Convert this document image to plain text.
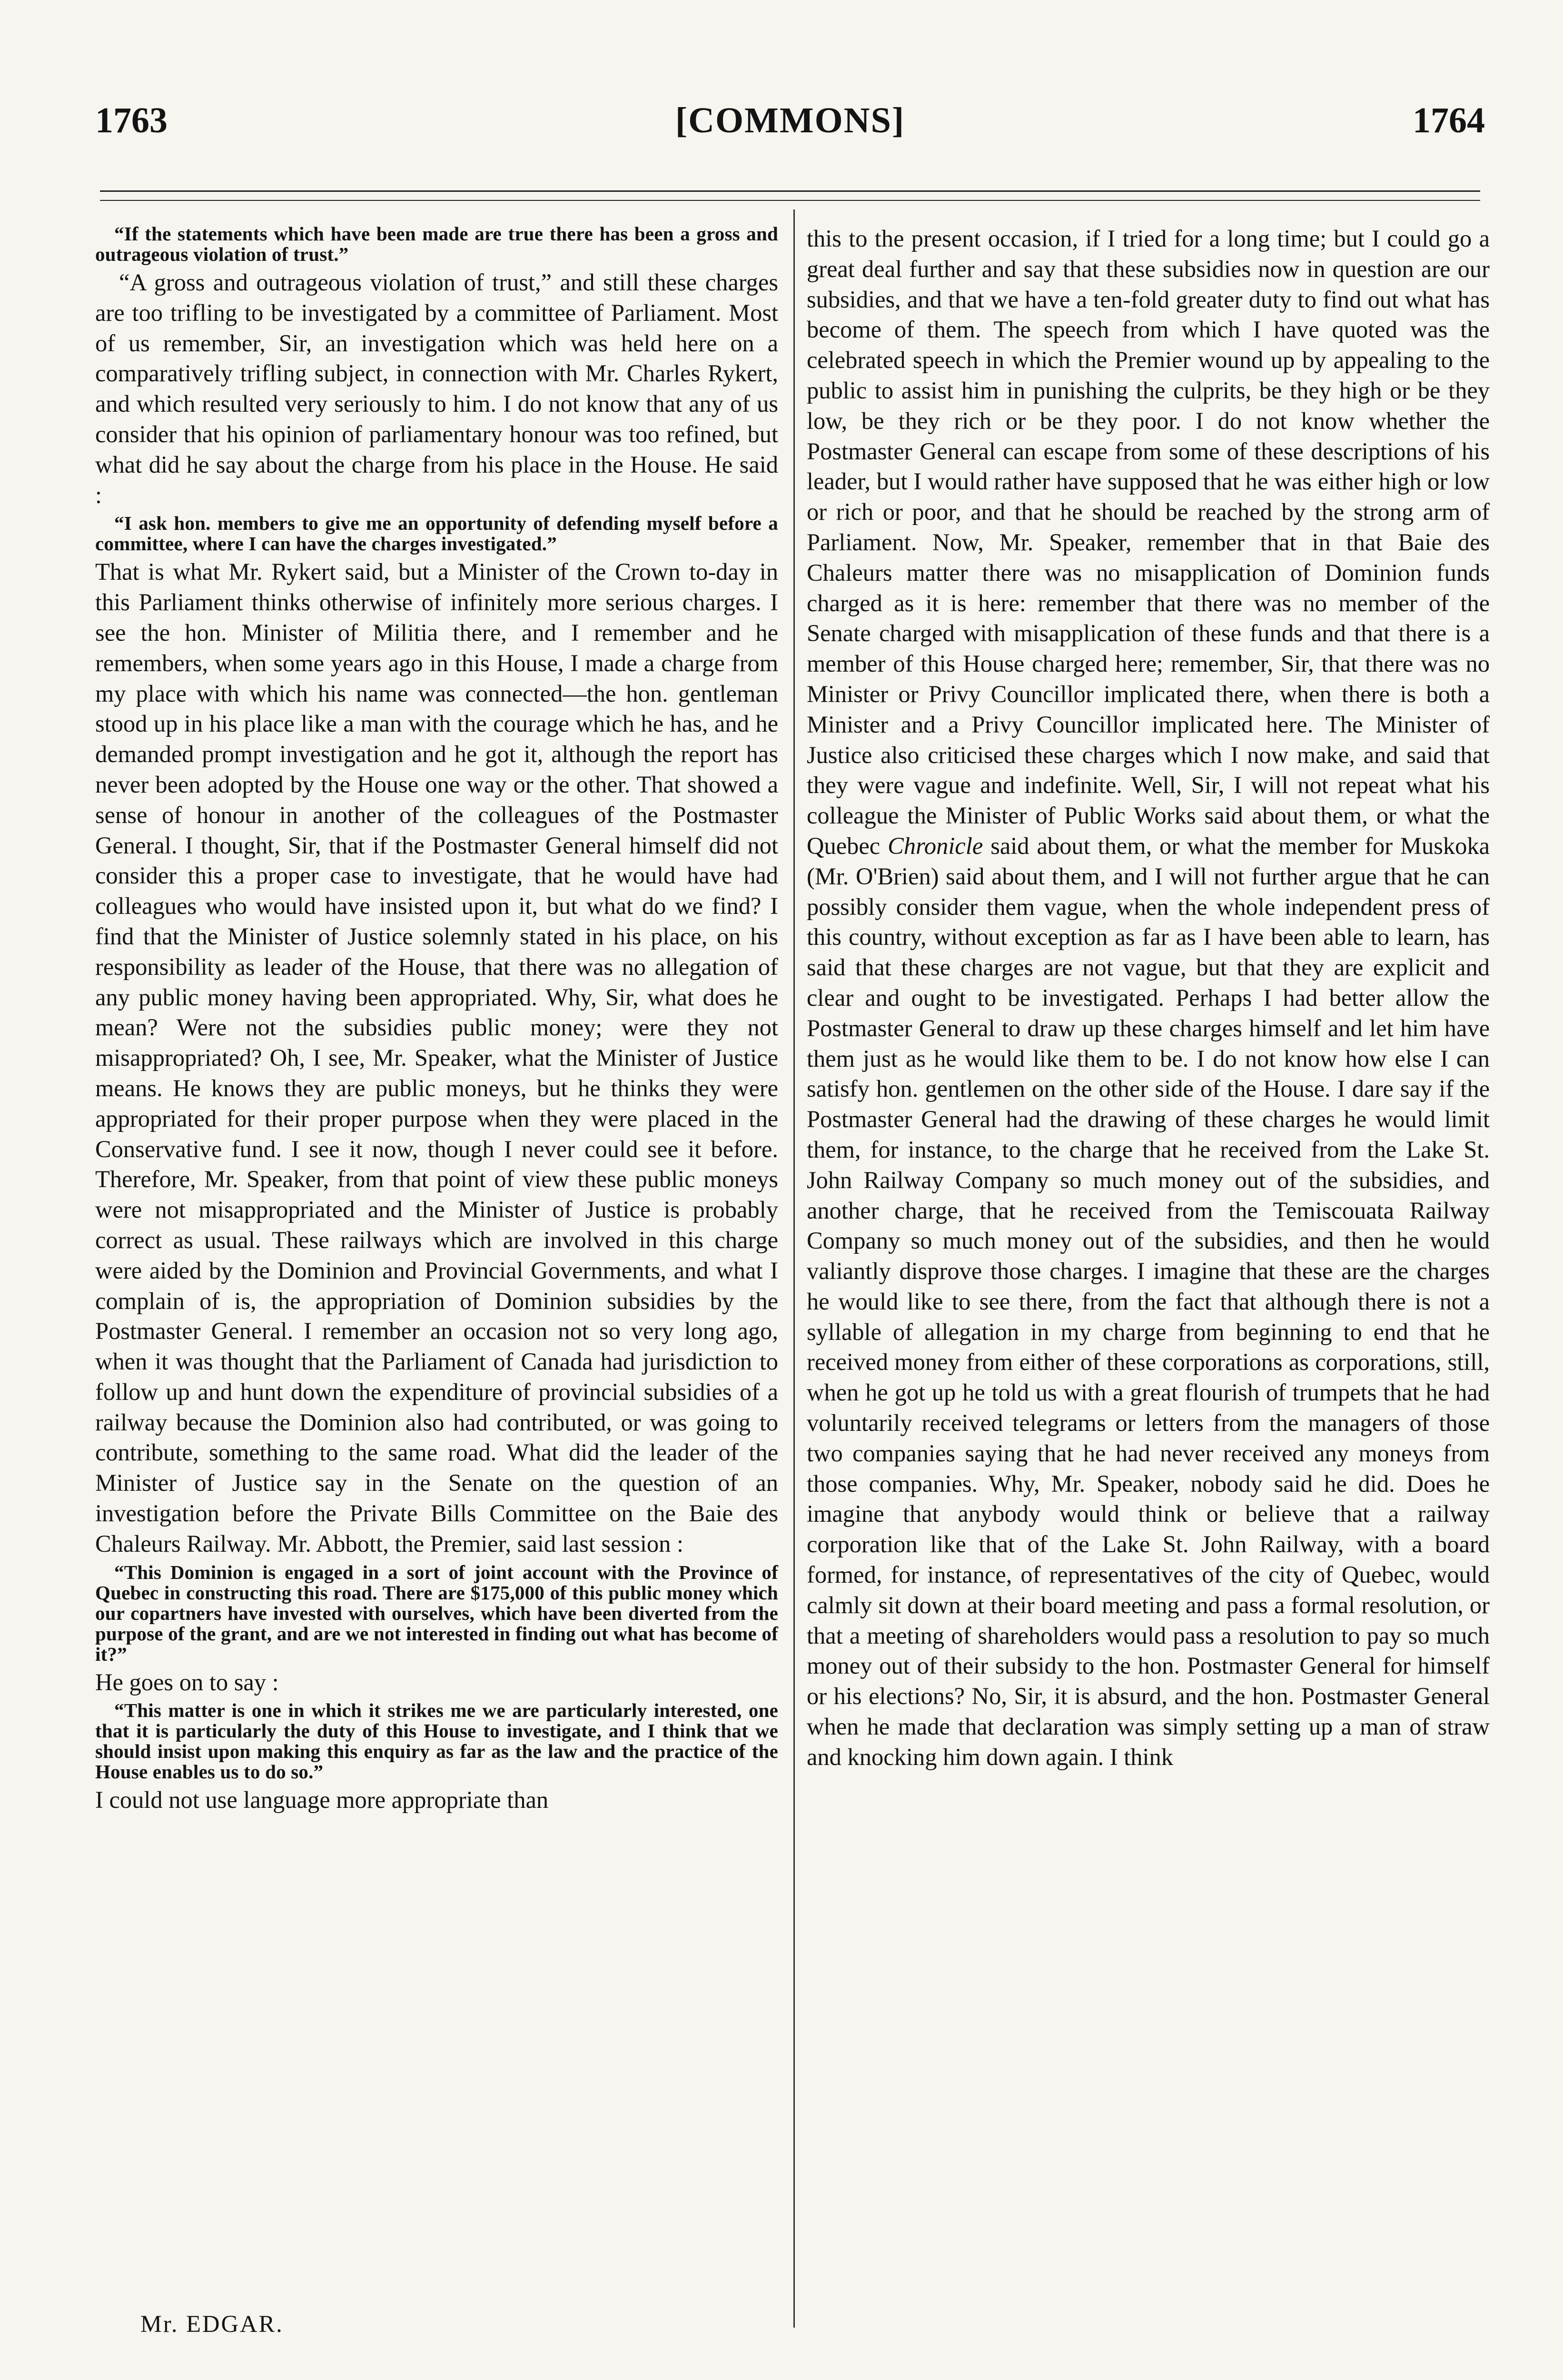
1763	[COMMONS]	1764

“If the statements which have been made are true there has been a gross and outrageous violation of trust.”

“A gross and outrageous violation of trust,” and still these charges are too trifling to be investigated by a committee of Parliament. Most of us remember, Sir, an investigation which was held here on a comparatively trifling subject, in connection with Mr. Charles Rykert, and which resulted very seriously to him. I do not know that any of us consider that his opinion of parliamentary honour was too refined, but what did he say about the charge from his place in the House. He said :

“I ask hon. members to give me an opportunity of defending myself before a committee, where I can have the charges investigated.”

That is what Mr. Rykert said, but a Minister of the Crown to-day in this Parliament thinks otherwise of infinitely more serious charges. I see the hon. Minister of Militia there, and I remember and he remembers, when some years ago in this House, I made a charge from my place with which his name was connected—the hon. gentleman stood up in his place like a man with the courage which he has, and he demanded prompt investigation and he got it, although the report has never been adopted by the House one way or the other. That showed a sense of honour in another of the colleagues of the Postmaster General. I thought, Sir, that if the Postmaster General himself did not consider this a proper case to investigate, that he would have had colleagues who would have insisted upon it, but what do we find? I find that the Minister of Justice solemnly stated in his place, on his responsibility as leader of the House, that there was no allegation of any public money having been appropriated. Why, Sir, what does he mean? Were not the subsidies public money; were they not misappropriated? Oh, I see, Mr. Speaker, what the Minister of Justice means. He knows they are public moneys, but he thinks they were appropriated for their proper purpose when they were placed in the Conservative fund. I see it now, though I never could see it before. Therefore, Mr. Speaker, from that point of view these public moneys were not misappropriated and the Minister of Justice is probably correct as usual. These railways which are involved in this charge were aided by the Dominion and Provincial Governments, and what I complain of is, the appropriation of Dominion subsidies by the Postmaster General. I remember an occasion not so very long ago, when it was thought that the Parliament of Canada had jurisdiction to follow up and hunt down the expenditure of provincial subsidies of a railway because the Dominion also had contributed, or was going to contribute, something to the same road. What did the leader of the Minister of Justice say in the Senate on the question of an investigation before the Private Bills Committee on the Baie des Chaleurs Railway. Mr. Abbott, the Premier, said last session :

“This Dominion is engaged in a sort of joint account with the Province of Quebec in constructing this road. There are $175,000 of this public money which our copartners have invested with ourselves, which have been diverted from the purpose of the grant, and are we not interested in finding out what has become of it?”

He goes on to say :

“This matter is one in which it strikes me we are particularly interested, one that it is particularly the duty of this House to investigate, and I think that we should insist upon making this enquiry as far as the law and the practice of the House enables us to do so.”

I could not use language more appropriate than

Mr. EDGAR.

this to the present occasion, if I tried for a long time; but I could go a great deal further and say that these subsidies now in question are our subsidies, and that we have a ten-fold greater duty to find out what has become of them. The speech from which I have quoted was the celebrated speech in which the Premier wound up by appealing to the public to assist him in punishing the culprits, be they high or be they low, be they rich or be they poor. I do not know whether the Postmaster General can escape from some of these descriptions of his leader, but I would rather have supposed that he was either high or low or rich or poor, and that he should be reached by the strong arm of Parliament. Now, Mr. Speaker, remember that in that Baie des Chaleurs matter there was no misapplication of Dominion funds charged as it is here: remember that there was no member of the Senate charged with misapplication of these funds and that there is a member of this House charged here; remember, Sir, that there was no Minister or Privy Councillor implicated there, when there is both a Minister and a Privy Councillor implicated here. The Minister of Justice also criticised these charges which I now make, and said that they were vague and indefinite. Well, Sir, I will not repeat what his colleague the Minister of Public Works said about them, or what the Quebec Chronicle said about them, or what the member for Muskoka (Mr. O'Brien) said about them, and I will not further argue that he can possibly consider them vague, when the whole independent press of this country, without exception as far as I have been able to learn, has said that these charges are not vague, but that they are explicit and clear and ought to be investigated. Perhaps I had better allow the Postmaster General to draw up these charges himself and let him have them just as he would like them to be. I do not know how else I can satisfy hon. gentlemen on the other side of the House. I dare say if the Postmaster General had the drawing of these charges he would limit them, for instance, to the charge that he received from the Lake St. John Railway Company so much money out of the subsidies, and another charge, that he received from the Temiscouata Railway Company so much money out of the subsidies, and then he would valiantly disprove those charges. I imagine that these are the charges he would like to see there, from the fact that although there is not a syllable of allegation in my charge from beginning to end that he received money from either of these corporations as corporations, still, when he got up he told us with a great flourish of trumpets that he had voluntarily received telegrams or letters from the managers of those two companies saying that he had never received any moneys from those companies. Why, Mr. Speaker, nobody said he did. Does he imagine that anybody would think or believe that a railway corporation like that of the Lake St. John Railway, with a board formed, for instance, of representatives of the city of Quebec, would calmly sit down at their board meeting and pass a formal resolution, or that a meeting of shareholders would pass a resolution to pay so much money out of their subsidy to the hon. Postmaster General for himself or his elections? No, Sir, it is absurd, and the hon. Postmaster General when he made that declaration was simply setting up a man of straw and knocking him down again. I think
